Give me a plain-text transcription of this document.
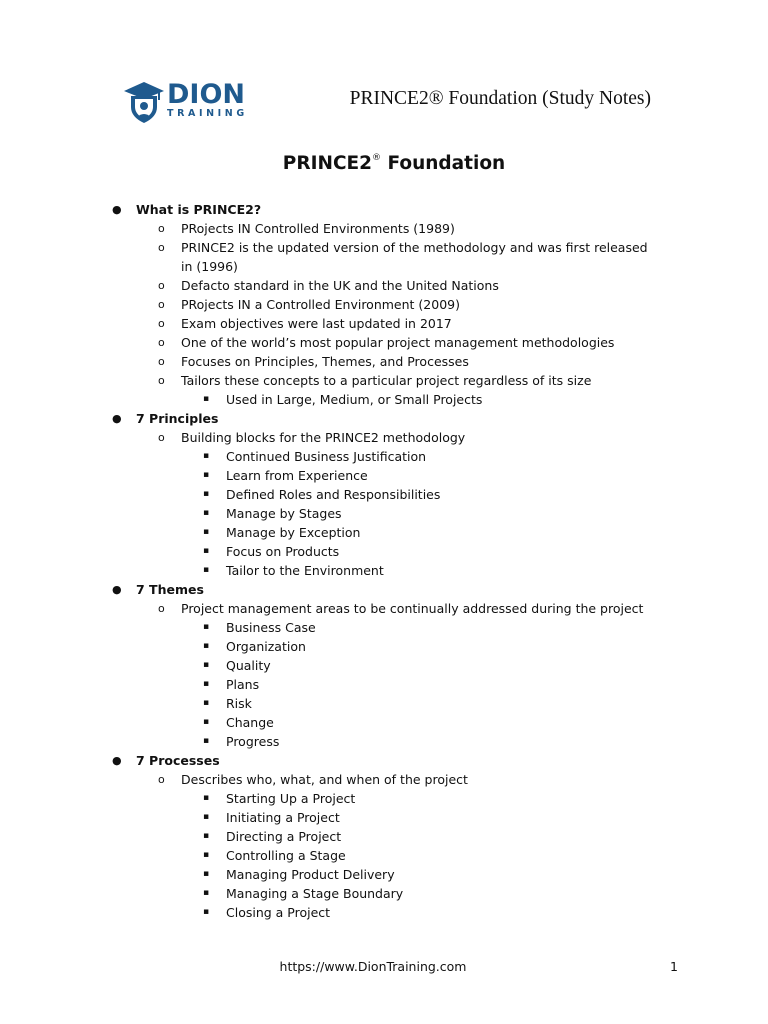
DION
TRAINING
PRINCE2® Foundation (Study Notes)
PRINCE2® Foundation
● What is PRINCE2?
o PRojects IN Controlled Environments (1989)
o PRINCE2 is the updated version of the methodology and was first released in (1996)
o Defacto standard in the UK and the United Nations
o PRojects IN a Controlled Environment (2009)
o Exam objectives were last updated in 2017
o One of the world’s most popular project management methodologies
o Focuses on Principles, Themes, and Processes
o Tailors these concepts to a particular project regardless of its size
▪ Used in Large, Medium, or Small Projects
● 7 Principles
o Building blocks for the PRINCE2 methodology
▪ Continued Business Justification
▪ Learn from Experience
▪ Defined Roles and Responsibilities
▪ Manage by Stages
▪ Manage by Exception
▪ Focus on Products
▪ Tailor to the Environment
● 7 Themes
o Project management areas to be continually addressed during the project
▪ Business Case
▪ Organization
▪ Quality
▪ Plans
▪ Risk
▪ Change
▪ Progress
● 7 Processes
o Describes who, what, and when of the project
▪ Starting Up a Project
▪ Initiating a Project
▪ Directing a Project
▪ Controlling a Stage
▪ Managing Product Delivery
▪ Managing a Stage Boundary
▪ Closing a Project
https://www.DionTraining.com	1
